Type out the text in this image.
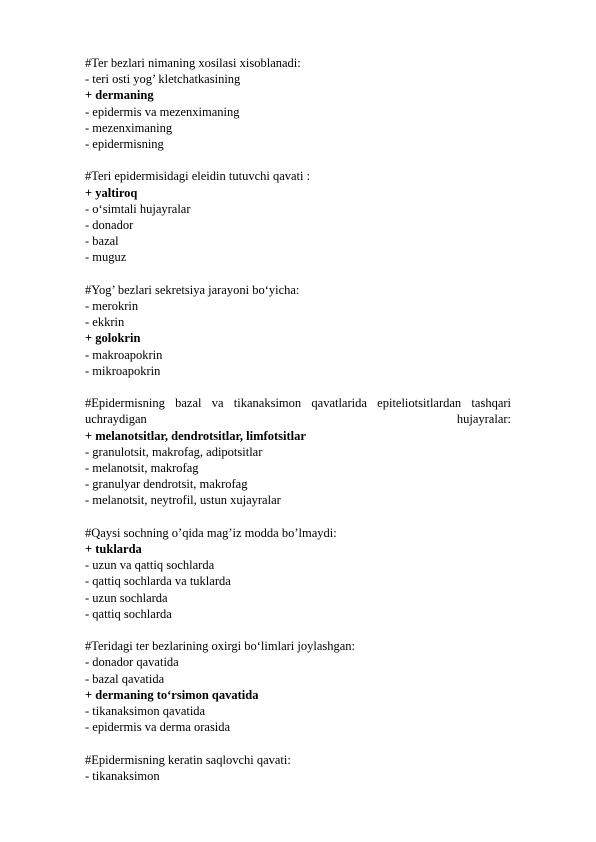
#Ter bezlari nimaning xosilasi xisoblanadi:
- teri osti yog’ kletchatkasining
+ dermaning
- epidermis va mezenximaning
- mezenximaning
- epidermisning
#Teri epidermisidagi eleidin tutuvchi qavati :
+ yaltiroq
- o‘simtali hujayralar
- donador
- bazal
- muguz
#Yog’ bezlari sekretsiya jarayoni bo‘yicha:
- merokrin
- ekkrin
+ golokrin
- makroapokrin
- mikroapokrin
#Epidermisning bazal va tikanaksimon qavatlarida epiteliotsitlardan tashqari uchraydigan hujayralar:
+ melanotsitlar, dendrotsitlar, limfotsitlar
- granulotsit, makrofag, adipotsitlar
- melanotsit, makrofag
- granulyar dendrotsit, makrofag
- melanotsit, neytrofil, ustun xujayralar
#Qaysi sochning o’qida mag’iz modda bo’lmaydi:
+ tuklarda
- uzun va qattiq sochlarda
- qattiq sochlarda va tuklarda
- uzun sochlarda
- qattiq sochlarda
#Teridagi ter bezlarining oxirgi bo‘limlari joylashgan:
- donador qavatida
- bazal qavatida
+ dermaning to‘rsimon qavatida
- tikanaksimon qavatida
- epidermis va derma orasida
#Epidermisning keratin saqlovchi qavati:
- tikanaksimon
